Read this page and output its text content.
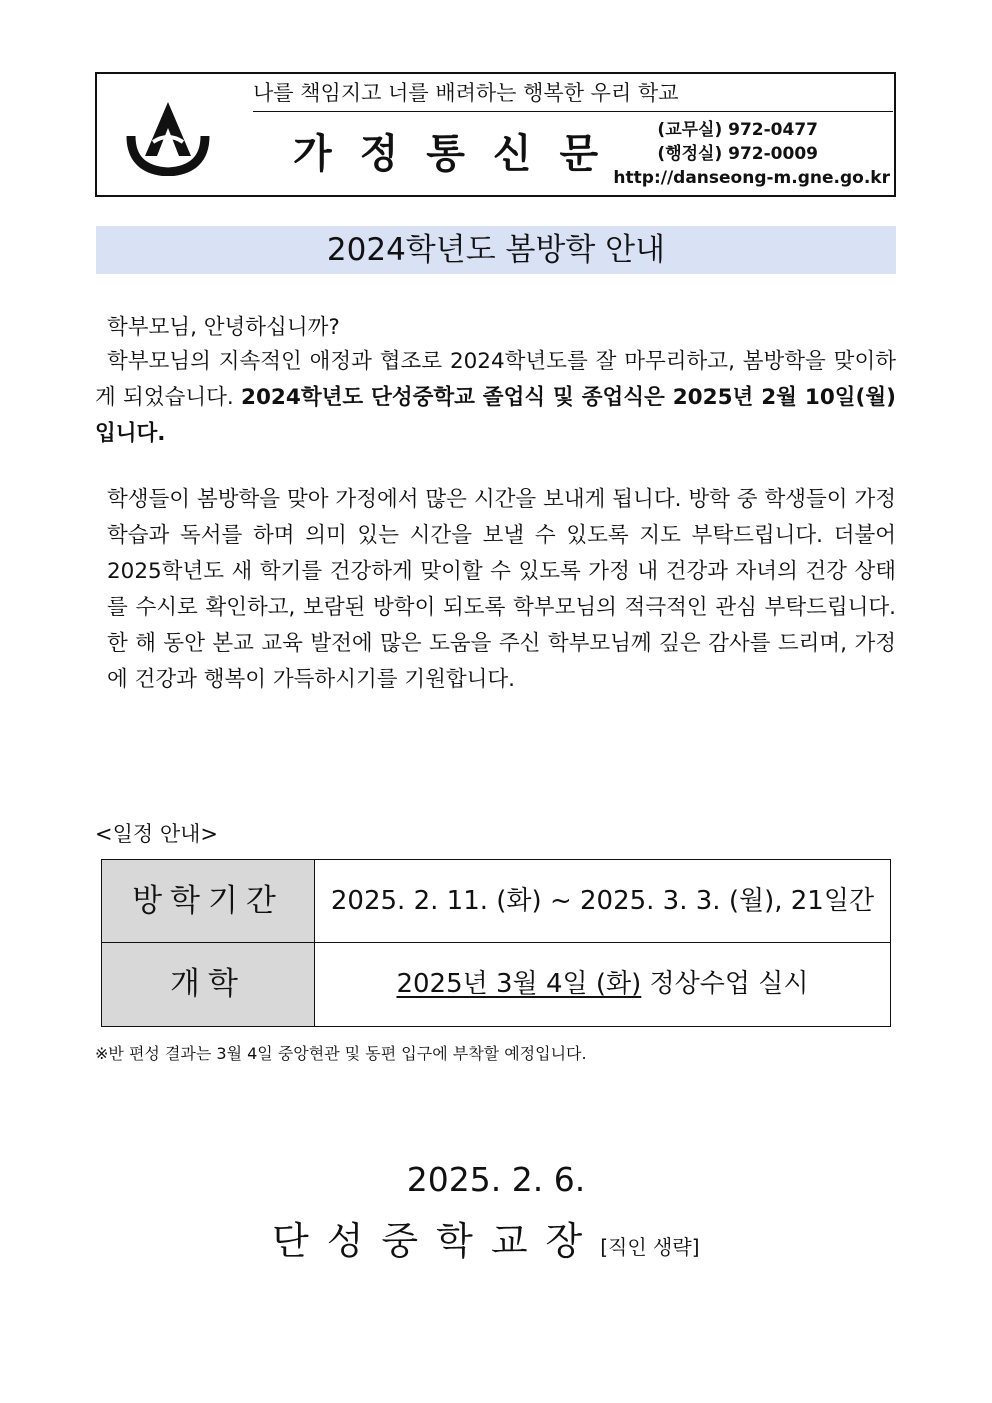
나를 책임지고 너를 배려하는 행복한 우리 학교
가정통신문
(교무실) 972-0477
(행정실) 972-0009
http://danseong-m.gne.go.kr
2024학년도 봄방학 안내
학부모님, 안녕하십니까?
학부모님의 지속적인 애정과 협조로 2024학년도를 잘 마무리하고, 봄방학을 맞이하게 되었습니다. 2024학년도 단성중학교 졸업식 및 종업식은 2025년 2월 10일(월)입니다.
학생들이 봄방학을 맞아 가정에서 많은 시간을 보내게 됩니다. 방학 중 학생들이 가정 학습과 독서를 하며 의미 있는 시간을 보낼 수 있도록 지도 부탁드립니다. 더불어 2025학년도 새 학기를 건강하게 맞이할 수 있도록 가정 내 건강과 자녀의 건강 상태를 수시로 확인하고, 보람된 방학이 되도록 학부모님의 적극적인 관심 부탁드립니다. 한 해 동안 본교 교육 발전에 많은 도움을 주신 학부모님께 깊은 감사를 드리며, 가정에 건강과 행복이 가득하시기를 기원합니다.
<일정 안내>
방학기간	2025. 2. 11. (화) ~ 2025. 3. 3. (월), 21일간
개학	2025년 3월 4일 (화) 정상수업 실시
※반 편성 결과는 3월 4일 중앙현관 및 동편 입구에 부착할 예정입니다.
2025. 2. 6.
단성중학교장[직인 생략]
